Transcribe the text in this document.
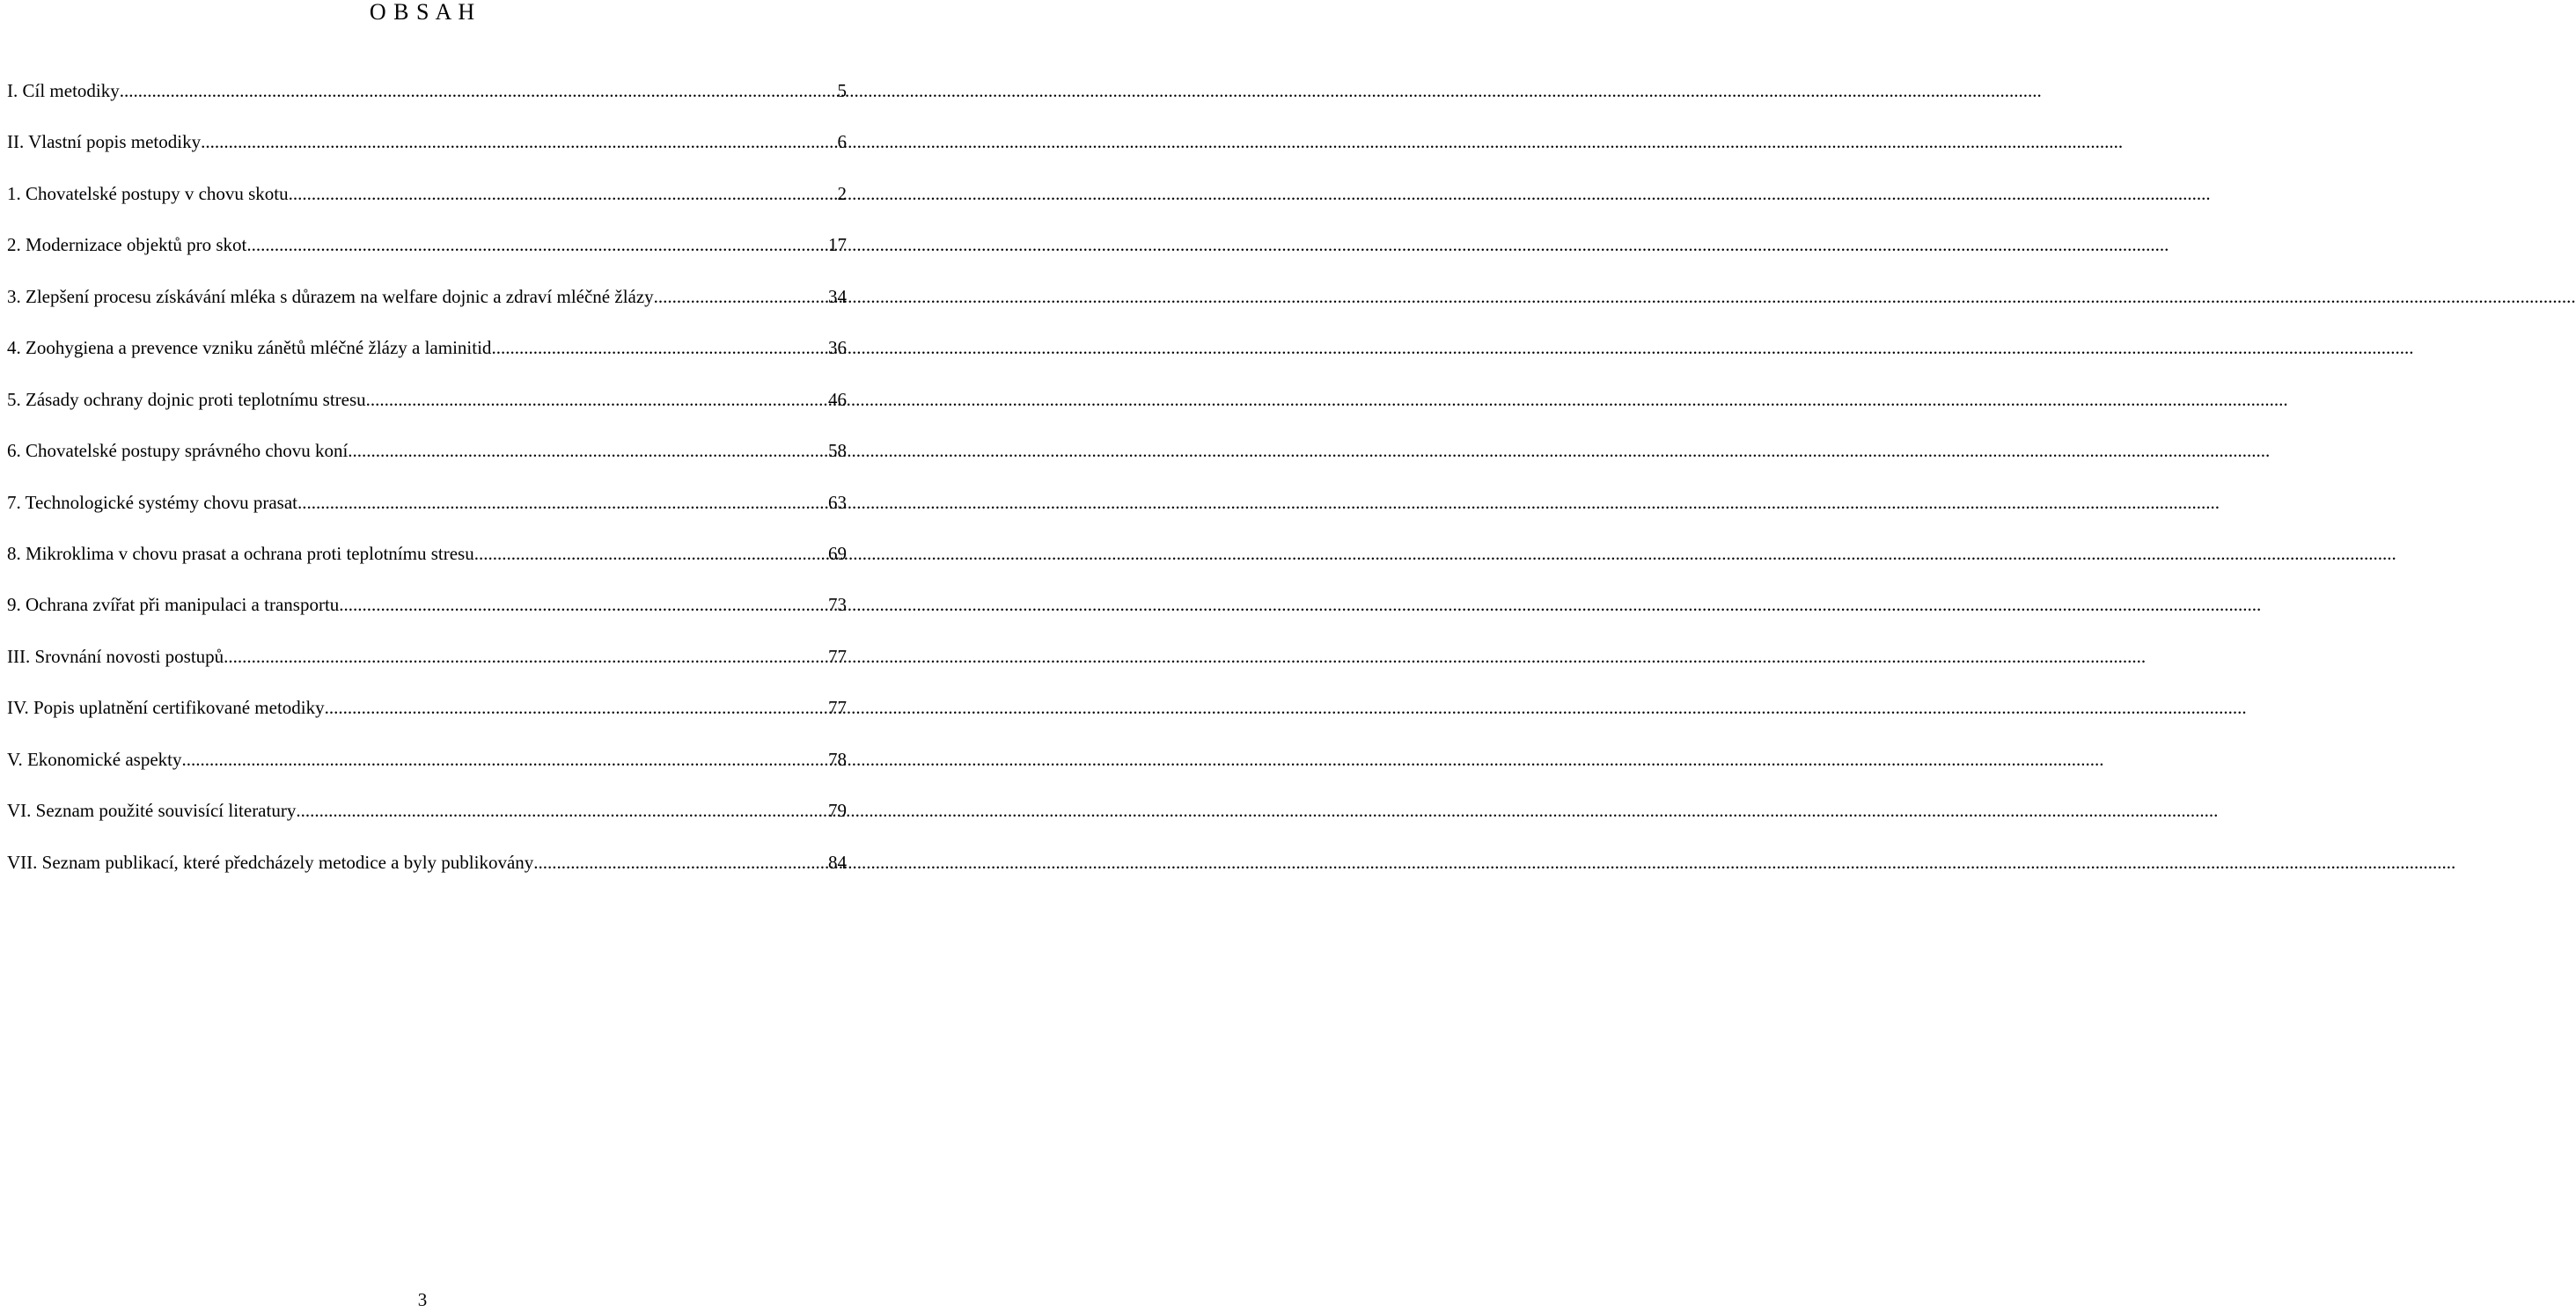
O B S A H
I. Cíl metodiky .....	5
II. Vlastní popis metodiky .....	6
1. Chovatelské postupy v chovu skotu .....	2
2. Modernizace objektů pro skot .....	17
3. Zlepšení procesu získávání mléka s důrazem na welfare dojnic a zdraví mléčné žlázy .....	34
4. Zoohygiena a prevence vzniku zánětů mléčné žlázy a laminitid .....	36
5. Zásady ochrany dojnic proti teplotnímu stresu .....	46
6. Chovatelské postupy správného chovu koní .....	58
7. Technologické systémy chovu prasat .....	63
8. Mikroklima v chovu prasat a ochrana proti teplotnímu stresu .....	69
9. Ochrana zvířat při manipulaci a transportu .....	73
III. Srovnání novosti postupů .....	77
IV. Popis uplatnění certifikované metodiky .....	77
V. Ekonomické aspekty .....	78
VI. Seznam použité souvisící literatury .....	79
VII. Seznam publikací, které předcházely metodice a byly publikovány .....	84
3
